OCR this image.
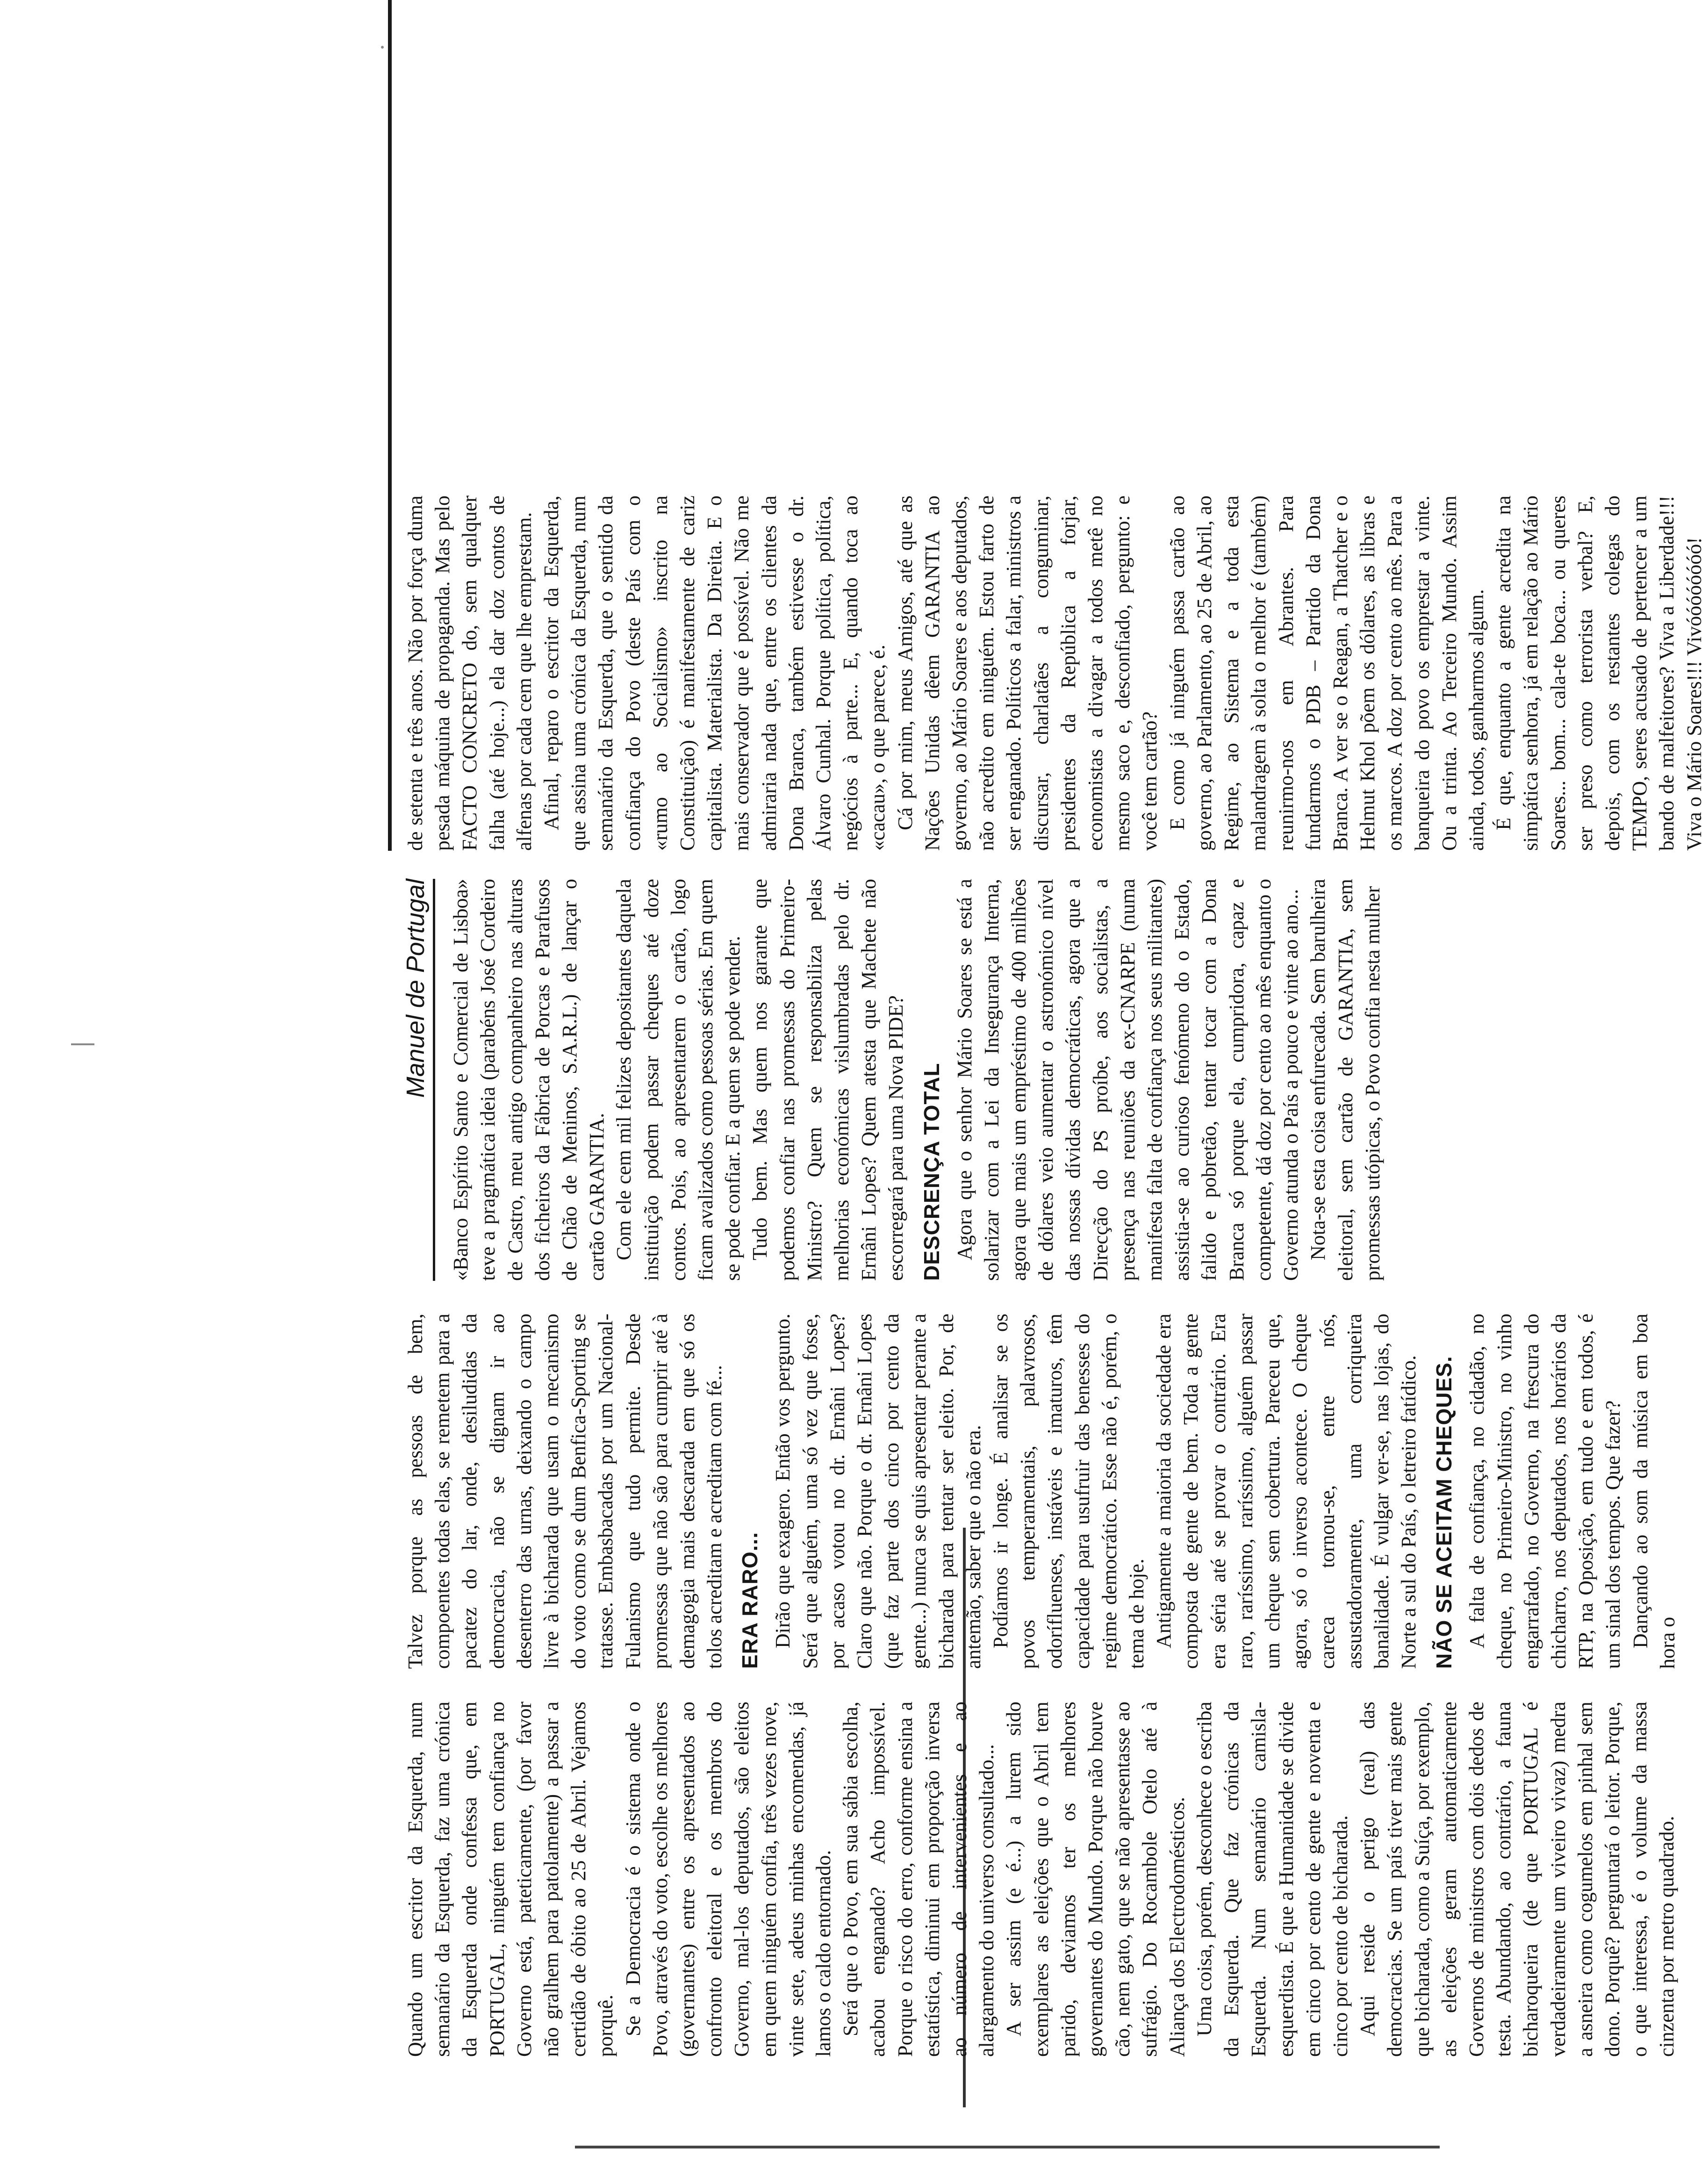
Quando um escritor da Esquerda, num semanário da Esquerda, faz uma crónica da Esquerda onde confessa que, em PORTUGAL, ninguém tem confiança no Governo está, pateticamente, (por favor não gralhem para patolamente) a passar a certidão de óbito ao 25 de Abril. Vejamos porquê. Se a Democracia é o sistema onde o Povo, através do voto, escolhe os melhores (governantes) entre os apresentados ao confronto eleitoral e os membros do Governo, mal-los deputados, são eleitos em quem ninguém confia, três vezes nove, vinte sete, adeus minhas encomendas, já lamos o caldo entornado. Será que o Povo, em sua sábia escolha, acabou enganado? Acho impossível. Porque o risco do erro, conforme ensina a estatística, diminui em proporção inversa ao número de intervenientes e ao alargamento do universo consultado... A ser assim (e é...) a lurem sido exemplares as eleições que o Abril tem parido, deviamos ter os melhores governantes do Mundo. Porque não houve cão, nem gato, que se não apresentasse ao sufrágio. Do Rocambole Otelo até à Aliança dos Electrodomésticos. Uma coisa, porém, desconhece o escriba da Esquerda. Que faz crónicas da Esquerda. Num semanário camisla-esquerdista. É que a Humanidade se divide em cinco por cento de gente e noventa e cinco por cento de bicharada. Aqui reside o perigo (real) das democracias. Se um país tiver mais gente que bicharada, como a Suíça, por exemplo, as eleições geram automaticamente Governos de ministros com dois dedos de testa. Abundando, ao contrário, a fauna bicharoqueira (de que PORTUGAL é verdadeiramente um viveiro vivaz) medra a asneira como cogumelos em pinhal sem dono. Porquê? perguntará o leitor. Porque, o que interessa, é o volume da massa cinzenta por metro quadrado.

Talvez porque as pessoas de bem, compoentes todas elas, se remetem para a pacatez do lar, onde, desiludidas da democracia, não se dignam ir ao desenterro das urnas, deixando o campo livre à bicharada que usam o mecanismo do voto como se dum Benfica-Sporting se tratasse. Embasbacadas por um Nacional-Fulanismo que tudo permite. Desde promessas que não são para cumprir até à demagogia mais descarada em que só os tolos acreditam e acreditam com fé... ERA RARO... Dirão que exagero. Então vos pergunto. Será que alguém, uma só vez que fosse, por acaso votou no dr. Ernâni Lopes? Claro que não. Porque o dr. Ernâni Lopes (que faz parte dos cinco por cento da gente...) nunca se quis apresentar perante a bicharada para tentar ser eleito. Por, de antemão, saber que o não era. Podíamos ir longe. É analisar se os povos temperamentais, palavrosos, odorífluenses, instáveis e imaturos, têm capacidade para usufruir das benesses do regime democrático. Esse não é, porém, o tema de hoje. Antigamente a maioria da sociedade era composta de gente de bem. Toda a gente era séria até se provar o contrário. Era raro, raríssimo, raríssimo, alguém passar um cheque sem cobertura. Pareceu que, agora, só o inverso acontece. O cheque careca tornou-se, entre nós, assustadoramente, uma corriqueira banalidade. É vulgar ver-se, nas lojas, do Norte a sul do País, o letreiro fatídico. NÃO SE ACEITAM CHEQUES. A falta de confiança, no cidadão, no cheque, no Primeiro-Ministro, no vinho engarrafado, no Governo, na frescura do chicharro, nos deputados, nos horários da RTP, na Oposição, em tudo e em todos, é um sinal dos tempos. Que fazer? Dançando ao som da música em boa hora o

Manuel de Portugal «Banco Espírito Santo e Comercial de Lisboa» teve a pragmática ideia (parabéns José Cordeiro de Castro, meu antigo companheiro nas alturas dos ficheiros da Fábrica de Porcas e Parafusos de Chão de Meninos, S.A.R.L.) de lançar o cartão GARANTIA. Com ele cem mil felizes depositantes daquela instituição podem passar cheques até doze contos. Pois, ao apresentarem o cartão, logo ficam avalizados como pessoas sérias. Em quem se pode confiar. E a quem se pode vender. Tudo bem. Mas quem nos garante que podemos confiar nas promessas do Primeiro-Ministro? Quem se responsabiliza pelas melhorias económicas vislumbradas pelo dr. Ernâni Lopes? Quem atesta que Machete não escorregará para uma Nova PIDE? DESCRENÇA TOTAL Agora que o senhor Mário Soares se está a solarizar com a Lei da Insegurança Interna, agora que mais um empréstimo de 400 milhões de dólares veio aumentar o astronómico nível das nossas dívidas democráticas, agora que a Direcção do PS proíbe, aos socialistas, a presença nas reuniões da ex-CNARPE (numa manifesta falta de confiança nos seus militantes) assistia-se ao curioso fenómeno do o Estado, falido e pobretão, tentar tocar com a Dona Branca só porque ela, cumpridora, capaz e competente, dá doz por cento ao mês enquanto o Governo atunda o País a pouco e vinte ao ano... Nota-se esta coisa enfurecada. Sem barulheira eleitoral, sem cartão de GARANTIA, sem promessas utópicas, o Povo confia nesta mulher

de setenta e três anos. Não por força duma pesada máquina de propaganda. Mas pelo FACTO CONCRETO do, sem qualquer falha (até hoje...) ela dar doz contos de alfenas por cada cem que lhe emprestam. Afinal, reparo o escritor da Esquerda, que assina uma crónica da Esquerda, num semanário da Esquerda, que o sentido da confiança do Povo (deste País com o «rumo ao Socialismo» inscrito na Constituição) é manifestamente de cariz capitalista. Materialista. Da Direita. E o mais conservador que é possível. Não me admiraria nada que, entre os clientes da Dona Branca, também estivesse o dr. Álvaro Cunhal. Porque política, política, negócios à parte... E, quando toca ao «cacau», o que parece, é. Cá por mim, meus Amigos, até que as Nações Unidas dêem GARANTIA ao governo, ao Mário Soares e aos deputados, não acredito em ninguém. Estou farto de ser enganado. Políticos a falar, ministros a discursar, charlatães a conguminar, presidentes da República a forjar, economistas a divagar a todos metê no mesmo saco e, desconfiado, pergunto: e você tem cartão? E como já ninguém passa cartão ao governo, ao Parlamento, ao 25 de Abril, ao Regime, ao Sistema e a toda esta malandragem à solta o melhor é (também) reunirmo-nos em Abrantes. Para fundarmos o PDB – Partido da Dona Branca. A ver se o Reagan, a Thatcher e o Helmut Khol põem os dólares, as libras e os marcos. A doz por cento ao mês. Para a banqueira do povo os emprestar a vinte. Ou a trinta. Ao Terceiro Mundo. Assim ainda, todos, ganharmos algum. É que, enquanto a gente acredita na simpática senhora, já em relação ao Mário Soares... bom... cala-te boca... ou queres ser preso como terrorista verbal? E, depois, com os restantes colegas do TEMPO, seres acusado de pertencer a um bando de malfeitores? Viva a Liberdade!!! Viva o Mário Soares!!! Vivóóóóóóóó!
